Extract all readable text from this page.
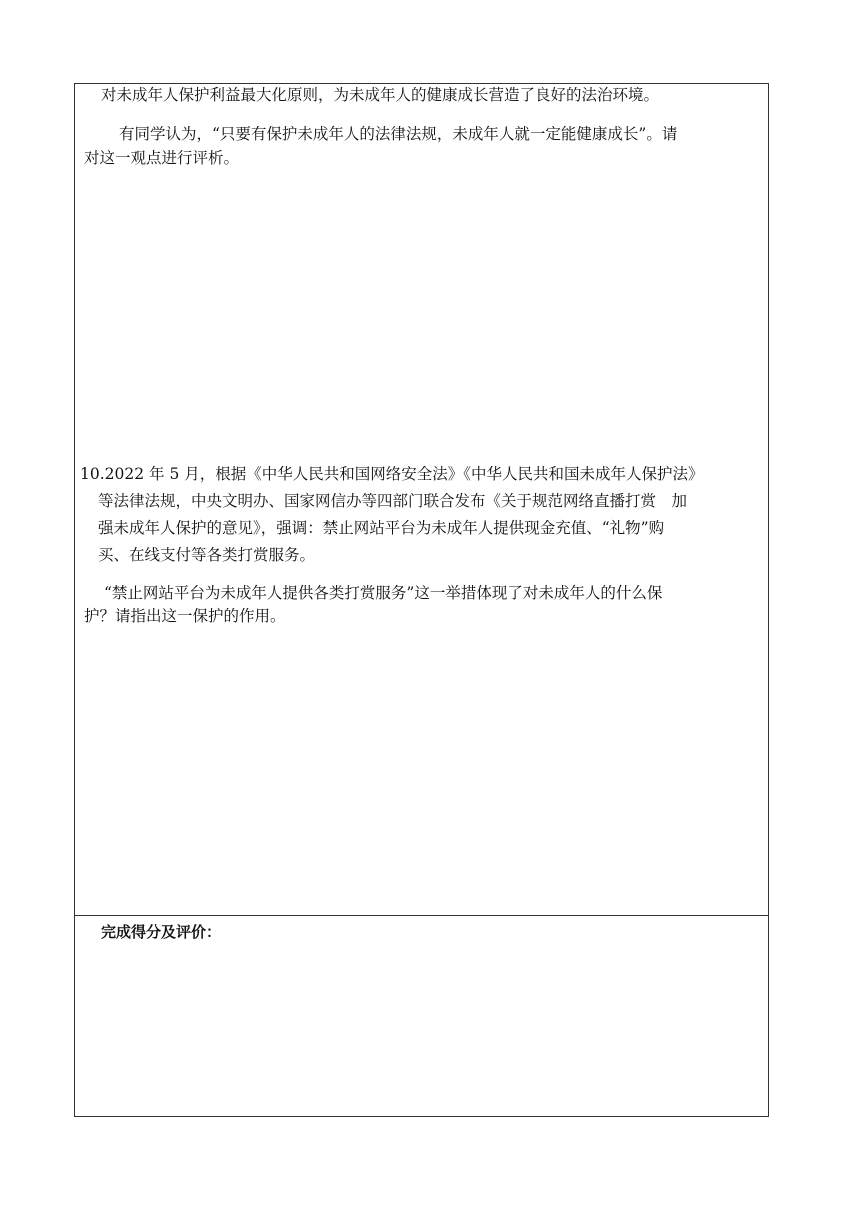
对未成年人保护利益最大化原则，为未成年人的健康成长营造了良好的法治环境。
有同学认为，“只要有保护未成年人的法律法规，未成年人就一定能健康成长”。请
对这一观点进行评析。
10.2022 年 5 月，根据《中华人民共和国网络安全法》《中华人民共和国未成年人保护法》
等法律法规，中央文明办、国家网信办等四部门联合发布《关于规范网络直播打赏　加
强未成年人保护的意见》，强调：禁止网站平台为未成年人提供现金充值、“礼物”购
买、在线支付等各类打赏服务。
“禁止网站平台为未成年人提供各类打赏服务”这一举措体现了对未成年人的什么保
护？请指出这一保护的作用。
完成得分及评价：
